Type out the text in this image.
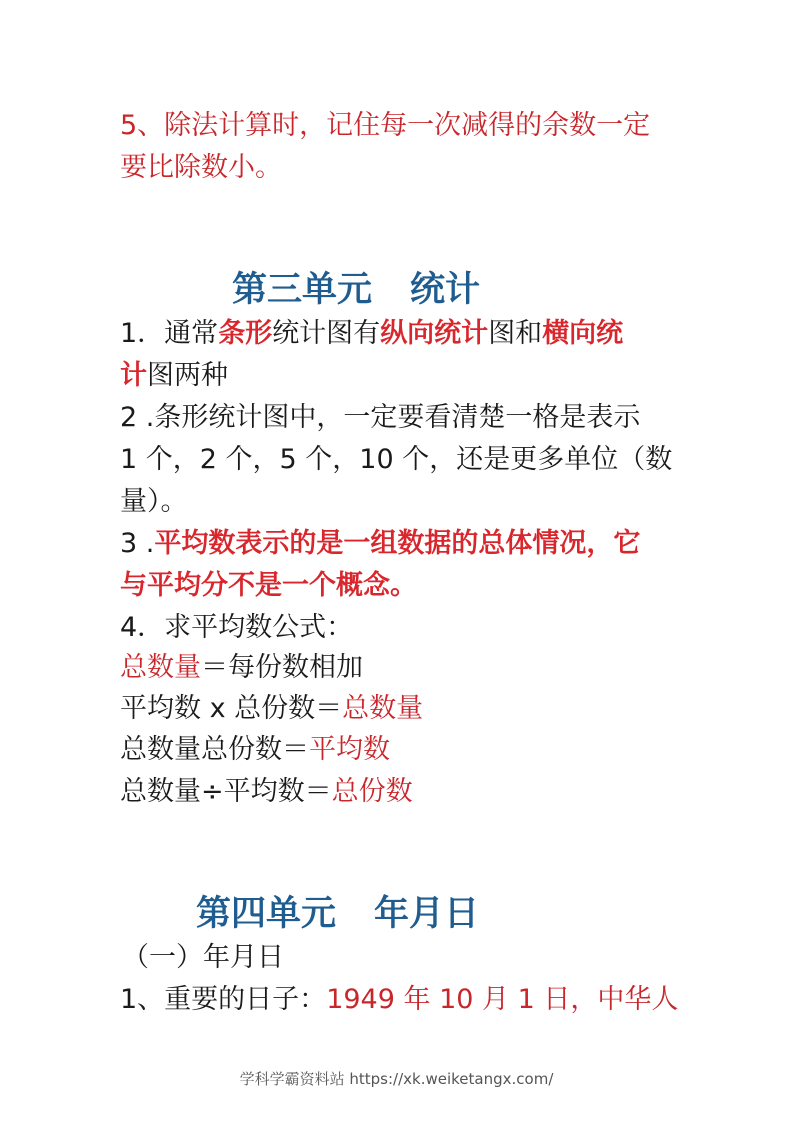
5、除法计算时，记住每一次减得的余数一定
要比除数小。
第三单元 统计
1．通常条形统计图有纵向统计图和横向统
计图两种
2 .条形统计图中，一定要看清楚一格是表示
1 个，2 个，5 个，10 个，还是更多单位（数
量）。
3 .平均数表示的是一组数据的总体情况，它
与平均分不是一个概念。
4．求平均数公式：
总数量＝每份数相加
平均数 x 总份数＝总数量
总数量总份数＝平均数
总数量÷平均数＝总份数
第四单元 年月日
（一）年月日
1、重要的日子：1949 年 10 月 1 日，中华人
学科学霸资料站 https://xk.weiketangx.com/
